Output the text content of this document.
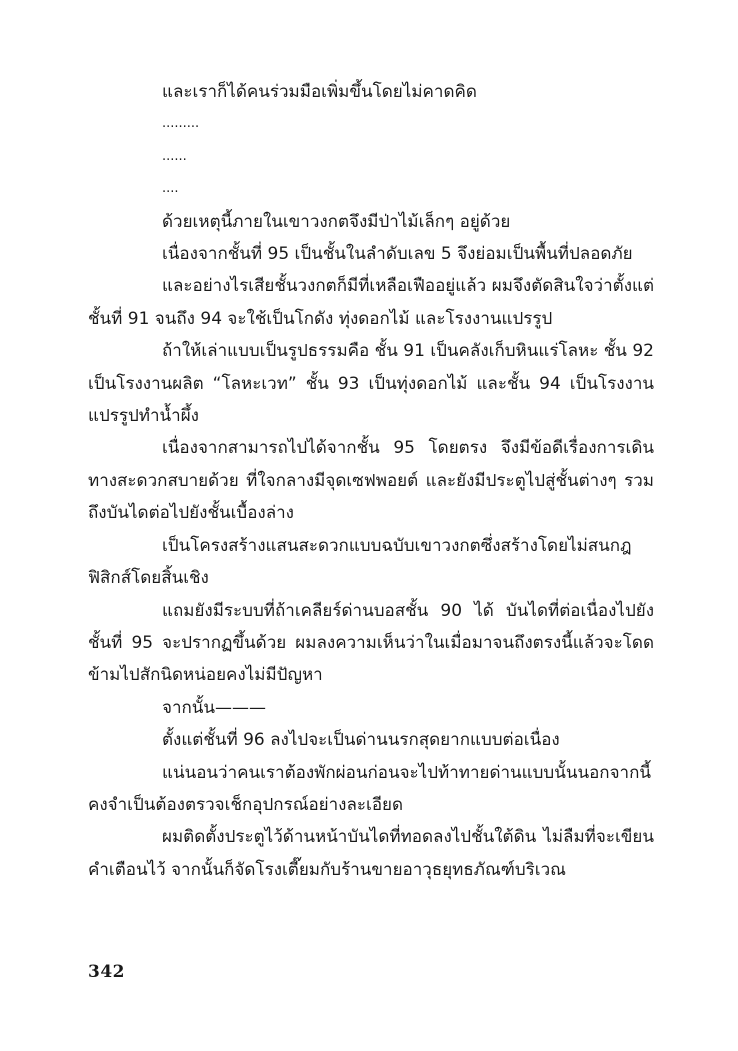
และเราก็ได้คนร่วมมือเพิ่มขึ้นโดยไม่คาดคิด

.........

......

....

ด้วยเหตุนี้ภายในเขาวงกตจึงมีป่าไม้เล็กๆ อยู่ด้วย

เนื่องจากชั้นที่ 95 เป็นชั้นในลำดับเลข 5 จึงย่อมเป็นพื้นที่ปลอดภัย

และอย่างไรเสียชั้นวงกตก็มีที่เหลือเฟืออยู่แล้ว ผมจึงตัดสินใจว่าตั้งแต่ชั้นที่ 91 จนถึง 94 จะใช้เป็นโกดัง ทุ่งดอกไม้ และโรงงานแปรรูป

ถ้าให้เล่าแบบเป็นรูปธรรมคือ ชั้น 91 เป็นคลังเก็บหินแร่โลหะ ชั้น 92 เป็นโรงงานผลิต “โลหะเวท” ชั้น 93 เป็นทุ่งดอกไม้ และชั้น 94 เป็นโรงงานแปรรูปทำน้ำผึ้ง

เนื่องจากสามารถไปได้จากชั้น 95 โดยตรง จึงมีข้อดีเรื่องการเดินทางสะดวกสบายด้วย ที่ใจกลางมีจุดเซฟพอยต์ และยังมีประตูไปสู่ชั้นต่างๆ รวมถึงบันไดต่อไปยังชั้นเบื้องล่าง

เป็นโครงสร้างแสนสะดวกแบบฉบับเขาวงกตซึ่งสร้างโดยไม่สนกฎฟิสิกส์โดยสิ้นเชิง

แถมยังมีระบบที่ถ้าเคลียร์ด่านบอสชั้น 90 ได้ บันไดที่ต่อเนื่องไปยังชั้นที่ 95 จะปรากฏขึ้นด้วย ผมลงความเห็นว่าในเมื่อมาจนถึงตรงนี้แล้วจะโดดข้ามไปสักนิดหน่อยคงไม่มีปัญหา

จากนั้น———

ตั้งแต่ชั้นที่ 96 ลงไปจะเป็นด่านนรกสุดยากแบบต่อเนื่อง

แน่นอนว่าคนเราต้องพักผ่อนก่อนจะไปท้าทายด่านแบบนั้นนอกจากนี้คงจำเป็นต้องตรวจเช็กอุปกรณ์อย่างละเอียด

ผมติดตั้งประตูไว้ด้านหน้าบันไดที่ทอดลงไปชั้นใต้ดิน ไม่ลืมที่จะเขียนคำเตือนไว้ จากนั้นก็จัดโรงเตี๊ยมกับร้านขายอาวุธยุทธภัณฑ์บริเวณ

342
